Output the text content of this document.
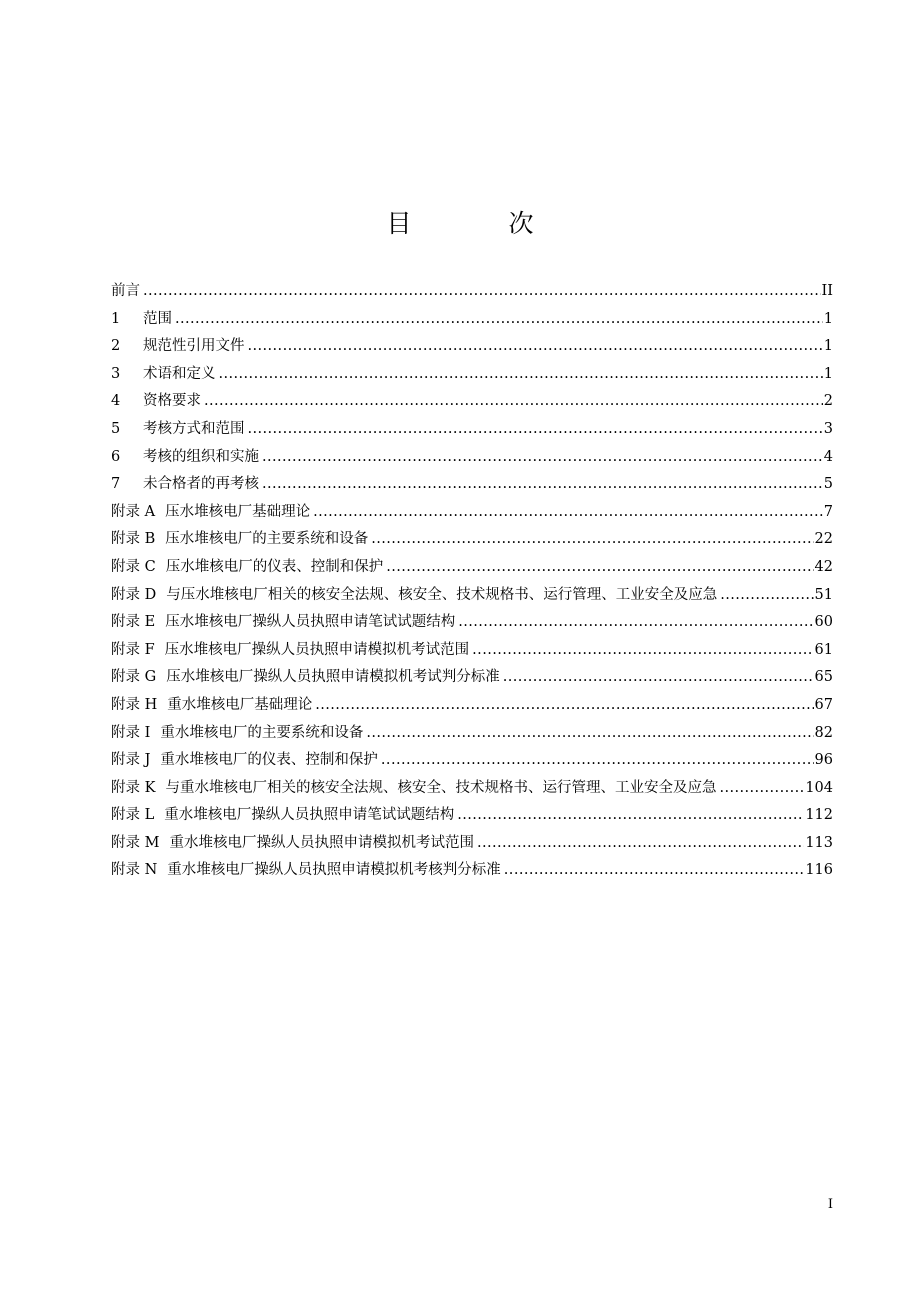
目　次
前言 .....	II
1	范围 .....	1
2	规范性引用文件 .....	1
3	术语和定义 .....	1
4	资格要求 .....	2
5	考核方式和范围 .....	3
6	考核的组织和实施 .....	4
7	未合格者的再考核 .....	5
附录 A 压水堆核电厂基础理论 .....	7
附录 B 压水堆核电厂的主要系统和设备 .....	22
附录 C 压水堆核电厂的仪表、控制和保护 .....	42
附录 D 与压水堆核电厂相关的核安全法规、核安全、技术规格书、运行管理、工业安全及应急 .....	51
附录 E 压水堆核电厂操纵人员执照申请笔试试题结构 .....	60
附录 F 压水堆核电厂操纵人员执照申请模拟机考试范围 .....	61
附录 G 压水堆核电厂操纵人员执照申请模拟机考试判分标准 .....	65
附录 H 重水堆核电厂基础理论 .....	67
附录 I 重水堆核电厂的主要系统和设备 .....	82
附录 J 重水堆核电厂的仪表、控制和保护 .....	96
附录 K 与重水堆核电厂相关的核安全法规、核安全、技术规格书、运行管理、工业安全及应急 .....	104
附录 L 重水堆核电厂操纵人员执照申请笔试试题结构 .....	112
附录 M 重水堆核电厂操纵人员执照申请模拟机考试范围 .....	113
附录 N 重水堆核电厂操纵人员执照申请模拟机考核判分标准 .....	116
I
